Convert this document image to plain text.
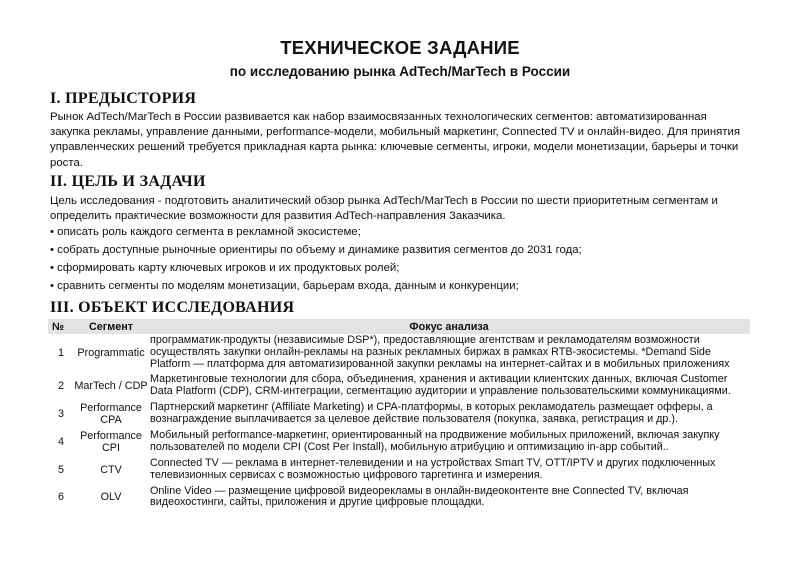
ТЕХНИЧЕСКОЕ ЗАДАНИЕ
по исследованию рынка AdTech/MarTech в России
I. ПРЕДЫСТОРИЯ
Рынок AdTech/MarTech в России развивается как набор взаимосвязанных технологических сегментов: автоматизированная закупка рекламы, управление данными, performance-модели, мобильный маркетинг, Connected TV и онлайн-видео. Для принятия управленческих решений требуется прикладная карта рынка: ключевые сегменты, игроки, модели монетизации, барьеры и точки роста.
II. ЦЕЛЬ И ЗАДАЧИ
Цель исследования - подготовить аналитический обзор рынка AdTech/MarTech в России по шести приоритетным сегментам и определить практические возможности для развития AdTech-направления Заказчика.
• описать роль каждого сегмента в рекламной экосистеме;
• собрать доступные рыночные ориентиры по объему и динамике развития сегментов до 2031 года;
• сформировать карту ключевых игроков и их продуктовых ролей;
• сравнить сегменты по моделям монетизации, барьерам входа, данным и конкуренции;
III. ОБЪЕКТ ИССЛЕДОВАНИЯ
№	Сегмент	Фокус анализа
1	Programmatic	программатик-продукты (независимые DSP*), предоставляющие агентствам и рекламодателям возможности осуществлять закупки онлайн-рекламы на разных рекламных биржах в рамках RTB-экосистемы. *Demand Side Platform — платформа для автоматизированной закупки рекламы на интернет-сайтах и в мобильных приложениях
2	MarTech / CDP	Маркетинговые технологии для сбора, объединения, хранения и активации клиентских данных, включая Customer Data Platform (CDP), CRM-интеграции, сегментацию аудитории и управление пользовательскими коммуникациями.
3	Performance CPA	Партнерский маркетинг (Affiliate Marketing) и CPA-платформы, в которых рекламодатель размещает офферы, а вознаграждение выплачивается за целевое действие пользователя (покупка, заявка, регистрация и др.).
4	Performance CPI	Мобильный performance-маркетинг, ориентированный на продвижение мобильных приложений, включая закупку пользователей по модели CPI (Cost Per Install), мобильную атрибуцию и оптимизацию in-app событий..
5	CTV	Connected TV — реклама в интернет-телевидении и на устройствах Smart TV, OTT/IPTV и других подключенных телевизионных сервисах с возможностью цифрового таргетинга и измерения.
6	OLV	Online Video — размещение цифровой видеорекламы в онлайн-видеоконтенте вне Connected TV, включая видеохостинги, сайты, приложения и другие цифровые площадки.
